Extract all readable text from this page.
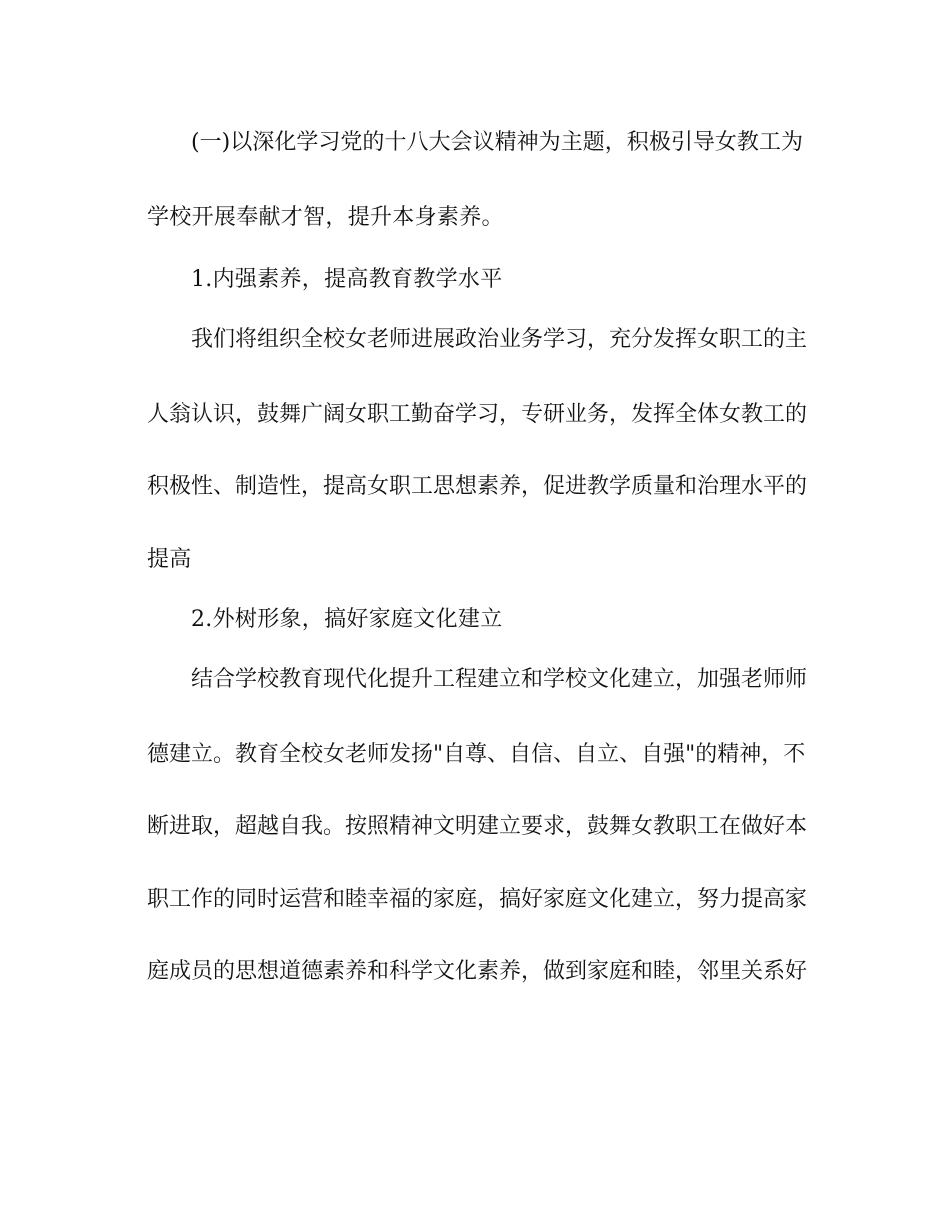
(一)以深化学习党的十八大会议精神为主题，积极引导女教工为
学校开展奉献才智，提升本身素养。
1.内强素养，提高教育教学水平
我们将组织全校女老师进展政治业务学习，充分发挥女职工的主
人翁认识，鼓舞广阔女职工勤奋学习，专研业务，发挥全体女教工的
积极性、制造性，提高女职工思想素养，促进教学质量和治理水平的
提高
2.外树形象，搞好家庭文化建立
结合学校教育现代化提升工程建立和学校文化建立，加强老师师
德建立。教育全校女老师发扬"自尊、自信、自立、自强"的精神，不
断进取，超越自我。按照精神文明建立要求，鼓舞女教职工在做好本
职工作的同时运营和睦幸福的家庭，搞好家庭文化建立，努力提高家
庭成员的思想道德素养和科学文化素养，做到家庭和睦，邻里关系好
